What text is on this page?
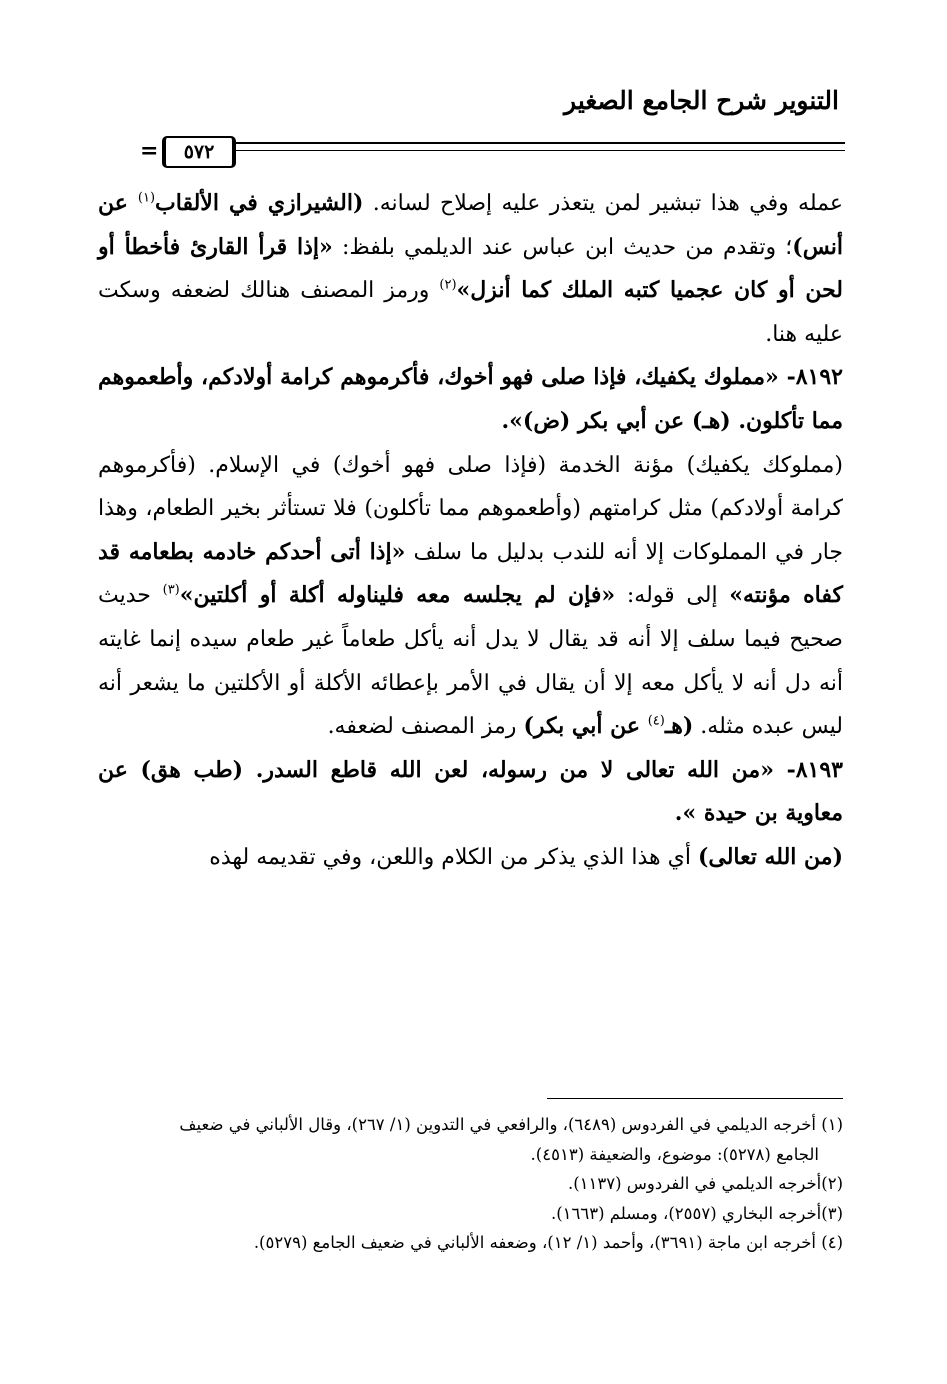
التنوير شرح الجامع الصغير
=	٥٧٢

عمله وفي هذا تبشير لمن يتعذر عليه إصلاح لسانه. (الشيرازي في الألقاب$^{(١)}$ عن أنس)؛ وتقدم من حديث ابن عباس عند الديلمي بلفظ: «إذا قرأ القارئ فأخطأ أو لحن أو كان عجميا كتبه الملك كما أنزل»$^{(٢)}$ ورمز المصنف هنالك لضعفه وسكت عليه هنا.

٨١٩٢- «مملوك يكفيك، فإذا صلى فهو أخوك، فأكرموهم كرامة أولادكم، وأطعموهم مما تأكلون. (هـ) عن أبي بكر (ض)».

(مملوكك يكفيك) مؤنة الخدمة (فإذا صلى فهو أخوك) في الإسلام. (فأكرموهم كرامة أولادكم) مثل كرامتهم (وأطعموهم مما تأكلون) فلا تستأثر بخير الطعام، وهذا جار في المملوكات إلا أنه للندب بدليل ما سلف «إذا أتى أحدكم خادمه بطعامه قد كفاه مؤنته» إلى قوله: «فإن لم يجلسه معه فليناوله أكلة أو أكلتين»$^{(٣)}$ حديث صحيح فيما سلف إلا أنه قد يقال لا يدل أنه يأكل طعاماً غير طعام سيده إنما غايته أنه دل أنه لا يأكل معه إلا أن يقال في الأمر بإعطائه الأكلة أو الأكلتين ما يشعر أنه ليس عبده مثله. (هـ$^{(٤)}$ عن أبي بكر) رمز المصنف لضعفه.

٨١٩٣- «من الله تعالى لا من رسوله، لعن الله قاطع السدر. (طب هق) عن معاوية بن حيدة ».

(من الله تعالى) أي هذا الذي يذكر من الكلام واللعن، وفي تقديمه لهذه

(١) أخرجه الديلمي في الفردوس (٦٤٨٩)، والرافعي في التدوين (١/ ٢٦٧)، وقال الألباني في ضعيف

الجامع (٥٢٧٨): موضوع، والضعيفة (٤٥١٣).

(٢)أخرجه الديلمي في الفردوس (١١٣٧).

(٣)أخرجه البخاري (٢٥٥٧)، ومسلم (١٦٦٣).

(٤) أخرجه ابن ماجة (٣٦٩١)، وأحمد (١/ ١٢)، وضعفه الألباني في ضعيف الجامع (٥٢٧٩).
